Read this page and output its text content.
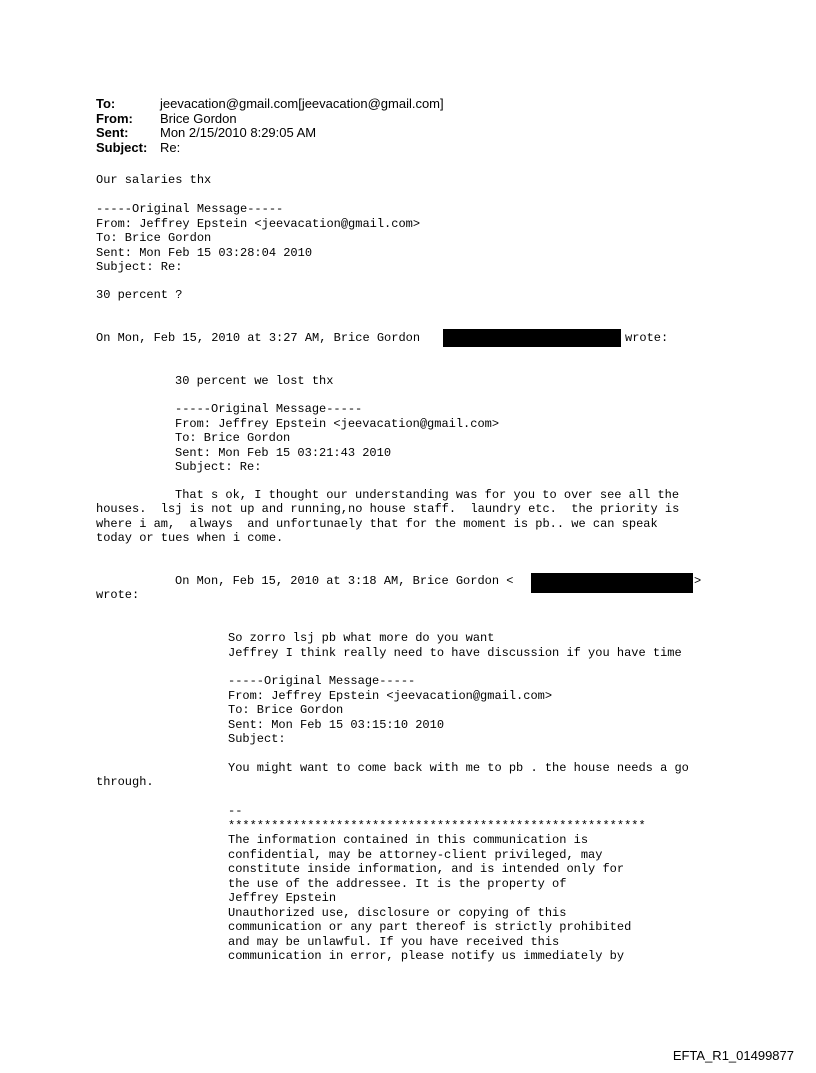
To:	jeevacation@gmail.com[jeevacation@gmail.com]
From:	Brice Gordon
Sent:	Mon 2/15/2010 8:29:05 AM
Subject: Re:
Our salaries thx
-----Original Message-----
From: Jeffrey Epstein <jeevacation@gmail.com>
To: Brice Gordon
Sent: Mon Feb 15 03:28:04 2010
Subject: Re:
30 percent ?
On Mon, Feb 15, 2010 at 3:27 AM, Brice Gordon	wrote:
30 percent we lost thx
-----Original Message-----
From: Jeffrey Epstein <jeevacation@gmail.com>
To: Brice Gordon
Sent: Mon Feb 15 03:21:43 2010
Subject: Re:
That s ok, I thought our understanding was for you to over see all the
houses.  lsj is not up and running,no house staff.  laundry etc.  the priority is
where i am,  always  and unfortunaely that for the moment is pb.. we can speak
today or tues when i come.
On Mon, Feb 15, 2010 at 3:18 AM, Brice Gordon <	>
wrote:
So zorro lsj pb what more do you want
Jeffrey I think really need to have discussion if you have time
-----Original Message-----
From: Jeffrey Epstein <jeevacation@gmail.com>
To: Brice Gordon
Sent: Mon Feb 15 03:15:10 2010
Subject:
You might want to come back with me to pb . the house needs a go
through.
--
**********************************************************
The information contained in this communication is
confidential, may be attorney-client privileged, may
constitute inside information, and is intended only for
the use of the addressee. It is the property of
Jeffrey Epstein
Unauthorized use, disclosure or copying of this
communication or any part thereof is strictly prohibited
and may be unlawful. If you have received this
communication in error, please notify us immediately by
EFTA_R1_01499877
